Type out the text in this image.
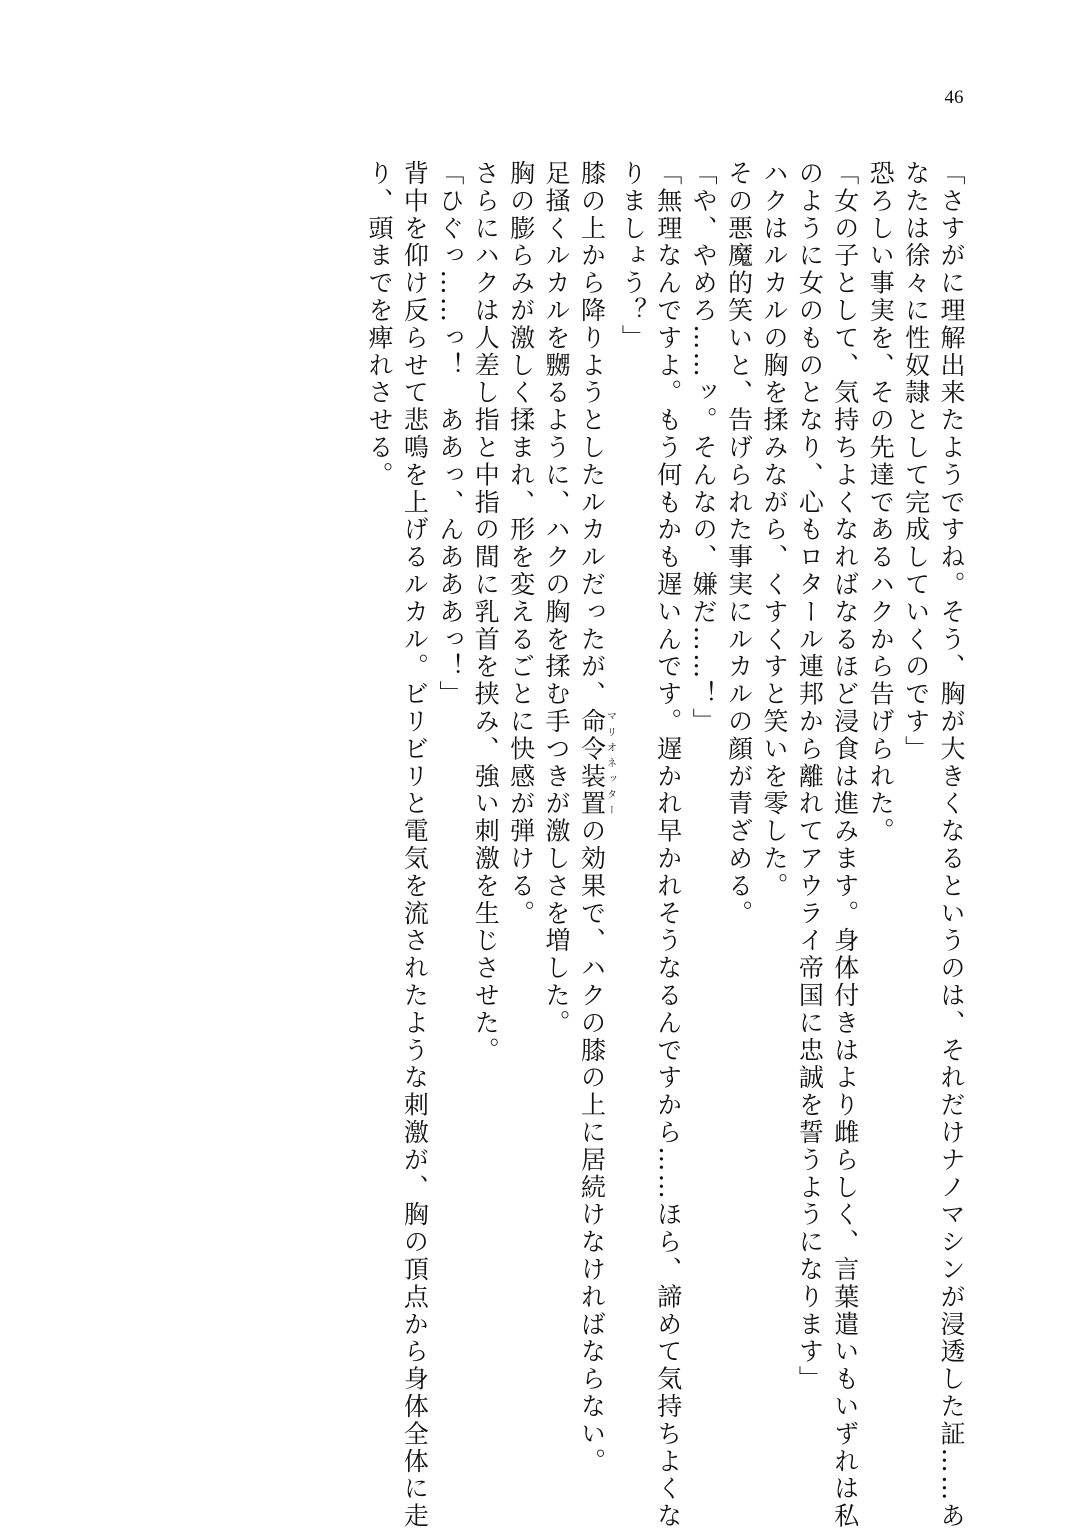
46
「さすがに理解出来たようですね。そう、胸が大きくなるというのは、それだけナノマシンが浸透した証……あ
なたは徐々に性奴隷として完成していくのです」
恐ろしい事実を、その先達であるハクから告げられた。
「女の子として、気持ちよくなればなるほど浸食は進みます。身体付きはより雌らしく、言葉遣いもいずれは私
のように女のものとなり、心もロタール連邦から離れてアウライ帝国に忠誠を誓うようになります」
ハクはルカルの胸を揉みながら、くすくすと笑いを零した。
その悪魔的笑いと、告げられた事実にルカルの顔が青ざめる。
「や、やめろ……ッ。そんなの、嫌だ……！」
「無理なんですよ。もう何もかも遅いんです。遅かれ早かれそうなるんですから……ほら、諦めて気持ちよくな
りましょう？」
膝の上から降りようとしたルカルだったが、命令装置マリオネッターの効果で、ハクの膝の上に居続けなければならない。
足掻くルカルを嬲るように、ハクの胸を揉む手つきが激しさを増した。
胸の膨らみが激しく揉まれ、形を変えるごとに快感が弾ける。
さらにハクは人差し指と中指の間に乳首を挟み、強い刺激を生じさせた。
「ひぐっ……っ！　ああっ、んあああっ！」
背中を仰け反らせて悲鳴を上げるルカル。ビリビリと電気を流されたような刺激が、胸の頂点から身体全体に走
り、頭までを痺れさせる。
